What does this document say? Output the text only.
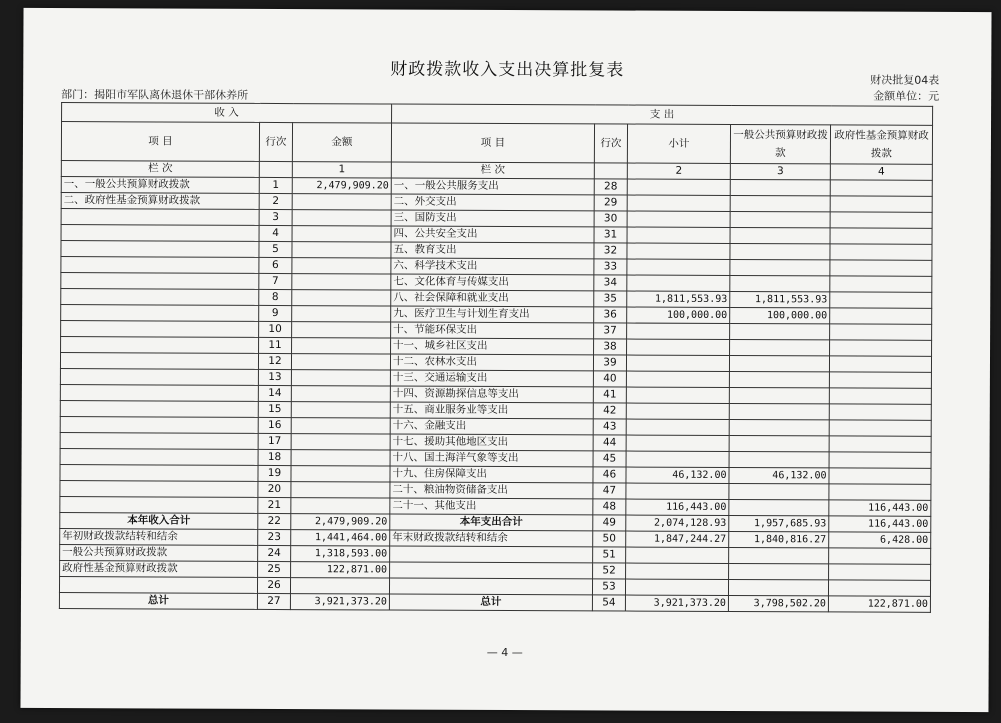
财政拨款收入支出决算批复表	财决批复04表
金额单位：元
部门：揭阳市军队离休退休干部休养所
收 入			支 出				
项 目	行次	金额	项 目	行次	小计	一般公共预算财政拨款	政府性基金预算财政拨款
栏 次		1	栏 次		2	3	4
一、一般公共预算财政拨款	1	2,479,909.20	一、一般公共服务支出	28			
二、政府性基金预算财政拨款	2		二、外交支出	29			
	3		三、国防支出	30			
	4		四、公共安全支出	31			
	5		五、教育支出	32			
	6		六、科学技术支出	33			
	7		七、文化体育与传媒支出	34			
	8		八、社会保障和就业支出	35	1,811,553.93	1,811,553.93	
	9		九、医疗卫生与计划生育支出	36	100,000.00	100,000.00	
	10		十、节能环保支出	37			
	11		十一、城乡社区支出	38			
	12		十二、农林水支出	39			
	13		十三、交通运输支出	40			
	14		十四、资源勘探信息等支出	41			
	15		十五、商业服务业等支出	42			
	16		十六、金融支出	43			
	17		十七、援助其他地区支出	44			
	18		十八、国土海洋气象等支出	45			
	19		十九、住房保障支出	46	46,132.00	46,132.00	
	20		二十、粮油物资储备支出	47			
	21		二十一、其他支出	48	116,443.00		116,443.00
本年收入合计	22	2,479,909.20	本年支出合计	49	2,074,128.93	1,957,685.93	116,443.00
年初财政拨款结转和结余	23	1,441,464.00	年末财政拨款结转和结余	50	1,847,244.27	1,840,816.27	6,428.00
一般公共预算财政拨款	24	1,318,593.00		51			
政府性基金预算财政拨款	25	122,871.00		52			
	26			53			
总计	27	3,921,373.20	总计	54	3,921,373.20	3,798,502.20	122,871.00
— 4 —
